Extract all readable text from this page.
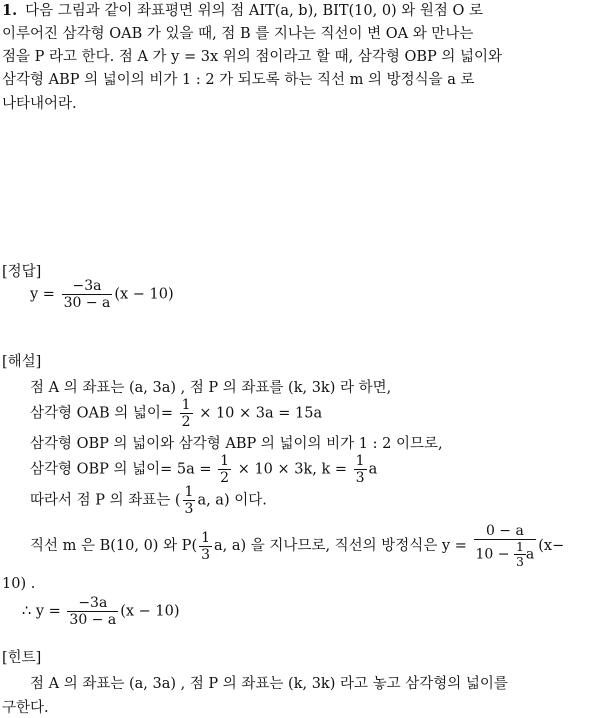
1. 다음 그림과 같이 좌표평면 위의 점 AIT(a, b), BIT(10, 0) 와 원점 O 로
이루어진 삼각형 OAB 가 있을 때, 점 B 를 지나는 직선이 변 OA 와 만나는
점을 P 라고 한다. 점 A 가 y = 3x 위의 점이라고 할 때, 삼각형 OBP 의 넓이와
삼각형 ABP 의 넓이의 비가 1 : 2 가 되도록 하는 직선 m 의 방정식을 a 로
나타내어라.
[정답]
$y = \frac{-3a}{30 - a} (x - 10)$
[해설]
점 A 의 좌표는 (a, 3a) , 점 P 의 좌표를 (k, 3k) 라 하면,
삼각형 OAB 의 넓이= $\frac{1}{2} \times 10 \times 3a = 15a$
삼각형 OBP 의 넓이와 삼각형 ABP 의 넓이의 비가 1 : 2 이므로,
삼각형 OBP 의 넓이= $5a = \frac{1}{2} \times 10 \times 3k$, $k = \frac{1}{3}$ a
따라서 점 P 의 좌표는 ( $\frac{1}{3} a$, a) 이다.
직선 m 은 B(10, 0) 와 $P( \frac{1}{3} a$, a) 을 지나므로, 직선의 방정식은 $y = \frac{0 - a}{10 - \frac{1}{3} a} (x-$
10) .
∴ $y = \frac{-3a}{30 - a} (x - 10)$
[힌트]
점 A 의 좌표는 (a, 3a) , 점 P 의 좌표는 (k, 3k) 라고 놓고 삼각형의 넓이를
구한다.
